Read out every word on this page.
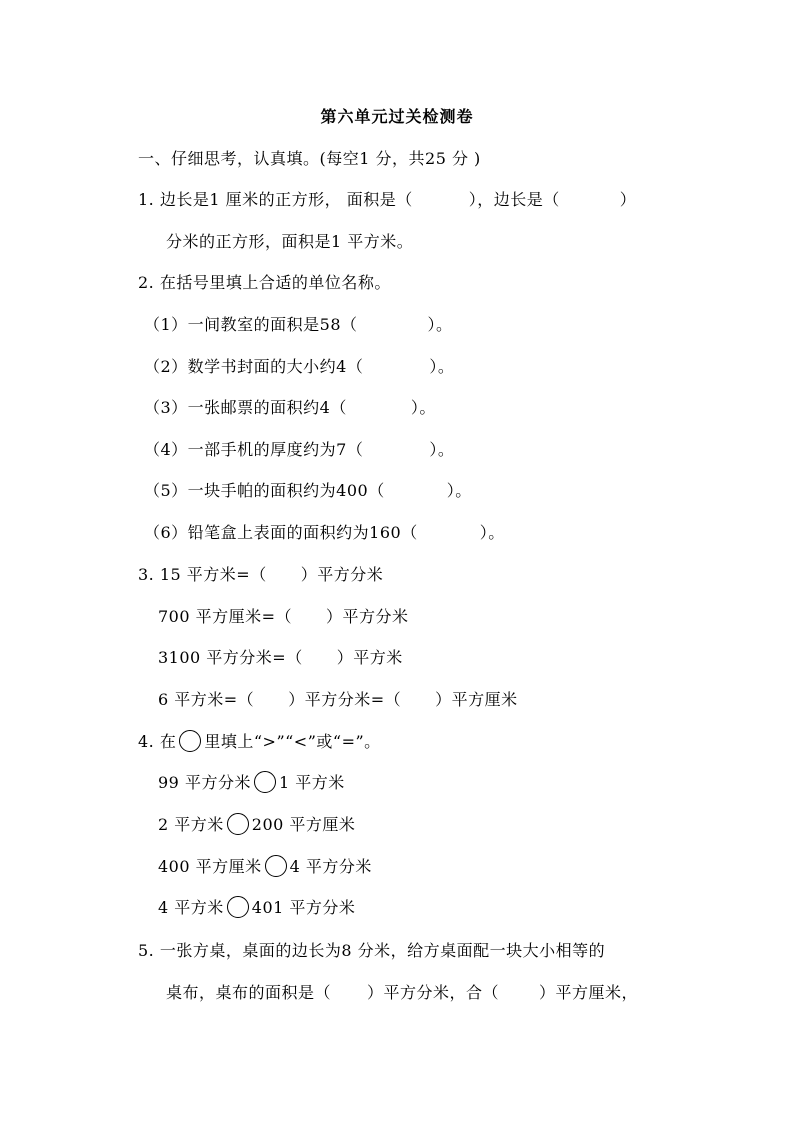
第六单元过关检测卷
一、仔细思考，认真填。(每空1 分，共25 分 )
1. 边长是1 厘米的正方形， 面积是（	），边长是（	）
分米的正方形，面积是1 平方米。
2. 在括号里填上合适的单位名称。
（1）一间教室的面积是58（	）。
（2）数学书封面的大小约4（	）。
（3）一张邮票的面积约4（	）。
（4）一部手机的厚度约为7（	）。
（5）一块手帕的面积约为400（	）。
（6）铅笔盒上表面的面积约为160（	）。
3. 15 平方米=（ ）平方分米
700 平方厘米=（ ）平方分米
3100 平方分米=（ ）平方米
6 平方米=（ ）平方分米=（ ）平方厘米
4. 在 里填上“>”“<”或“=”。
99 平方分米 1 平方米
2 平方米 200 平方厘米
400 平方厘米 4 平方分米
4 平方米 401 平方分米
5. 一张方桌，桌面的边长为8 分米，给方桌面配一块大小相等的
桌布，桌布的面积是（ ）平方分米，合（	）平方厘米，
